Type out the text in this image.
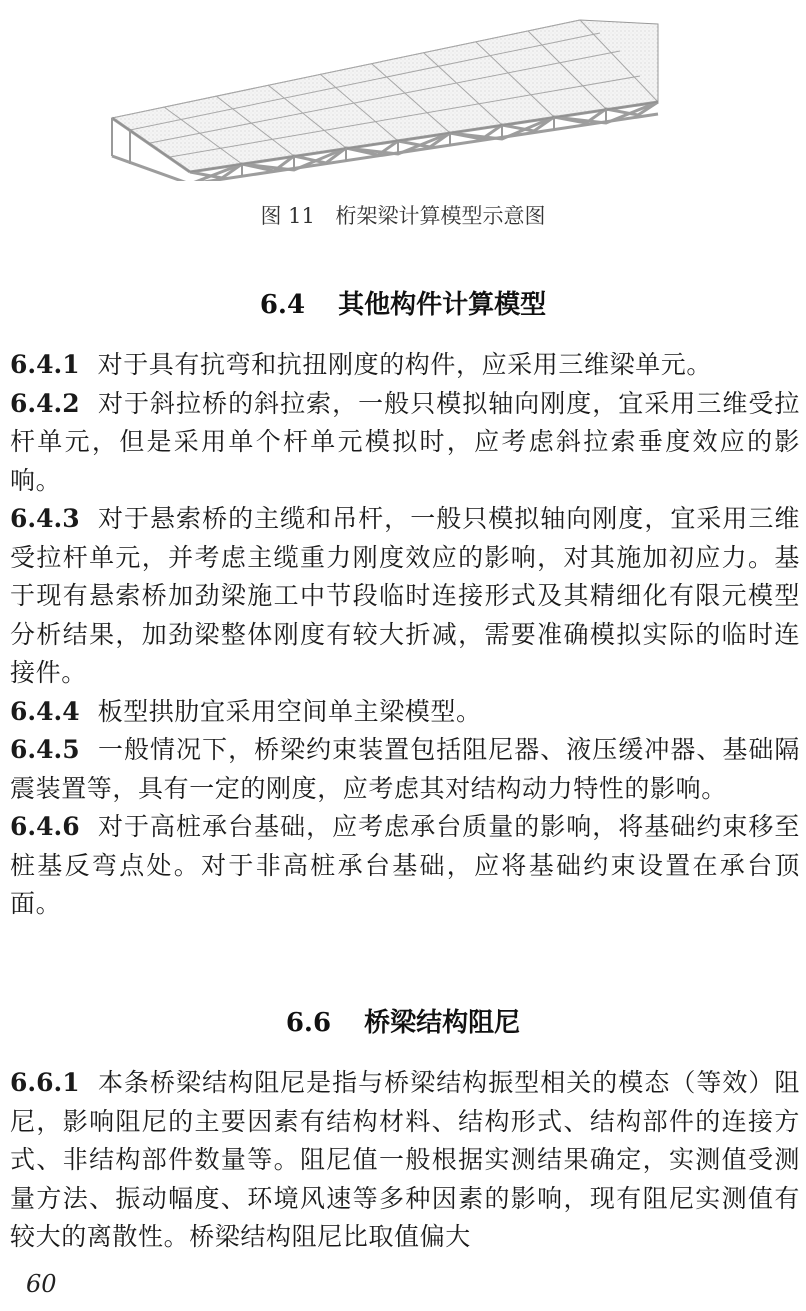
图 11 桁架梁计算模型示意图
6.4 其他构件计算模型

6.4.1 对于具有抗弯和抗扭刚度的构件，应采用三维梁单元。

6.4.2 对于斜拉桥的斜拉索，一般只模拟轴向刚度，宜采用三维受拉杆单元，但是采用单个杆单元模拟时，应考虑斜拉索垂度效应的影响。

6.4.3 对于悬索桥的主缆和吊杆，一般只模拟轴向刚度，宜采用三维受拉杆单元，并考虑主缆重力刚度效应的影响，对其施加初应力。基于现有悬索桥加劲梁施工中节段临时连接形式及其精细化有限元模型分析结果，加劲梁整体刚度有较大折减，需要准确模拟实际的临时连接件。

6.4.4 板型拱肋宜采用空间单主梁模型。

6.4.5 一般情况下，桥梁约束装置包括阻尼器、液压缓冲器、基础隔震装置等，具有一定的刚度，应考虑其对结构动力特性的影响。

6.4.6 对于高桩承台基础，应考虑承台质量的影响，将基础约束移至桩基反弯点处。对于非高桩承台基础，应将基础约束设置在承台顶面。

6.6 桥梁结构阻尼

6.6.1 本条桥梁结构阻尼是指与桥梁结构振型相关的模态（等效）阻尼，影响阻尼的主要因素有结构材料、结构形式、结构部件的连接方式、非结构部件数量等。阻尼值一般根据实测结果确定，实测值受测量方法、振动幅度、环境风速等多种因素的影响，现有阻尼实测值有较大的离散性。桥梁结构阻尼比取值偏大

60
